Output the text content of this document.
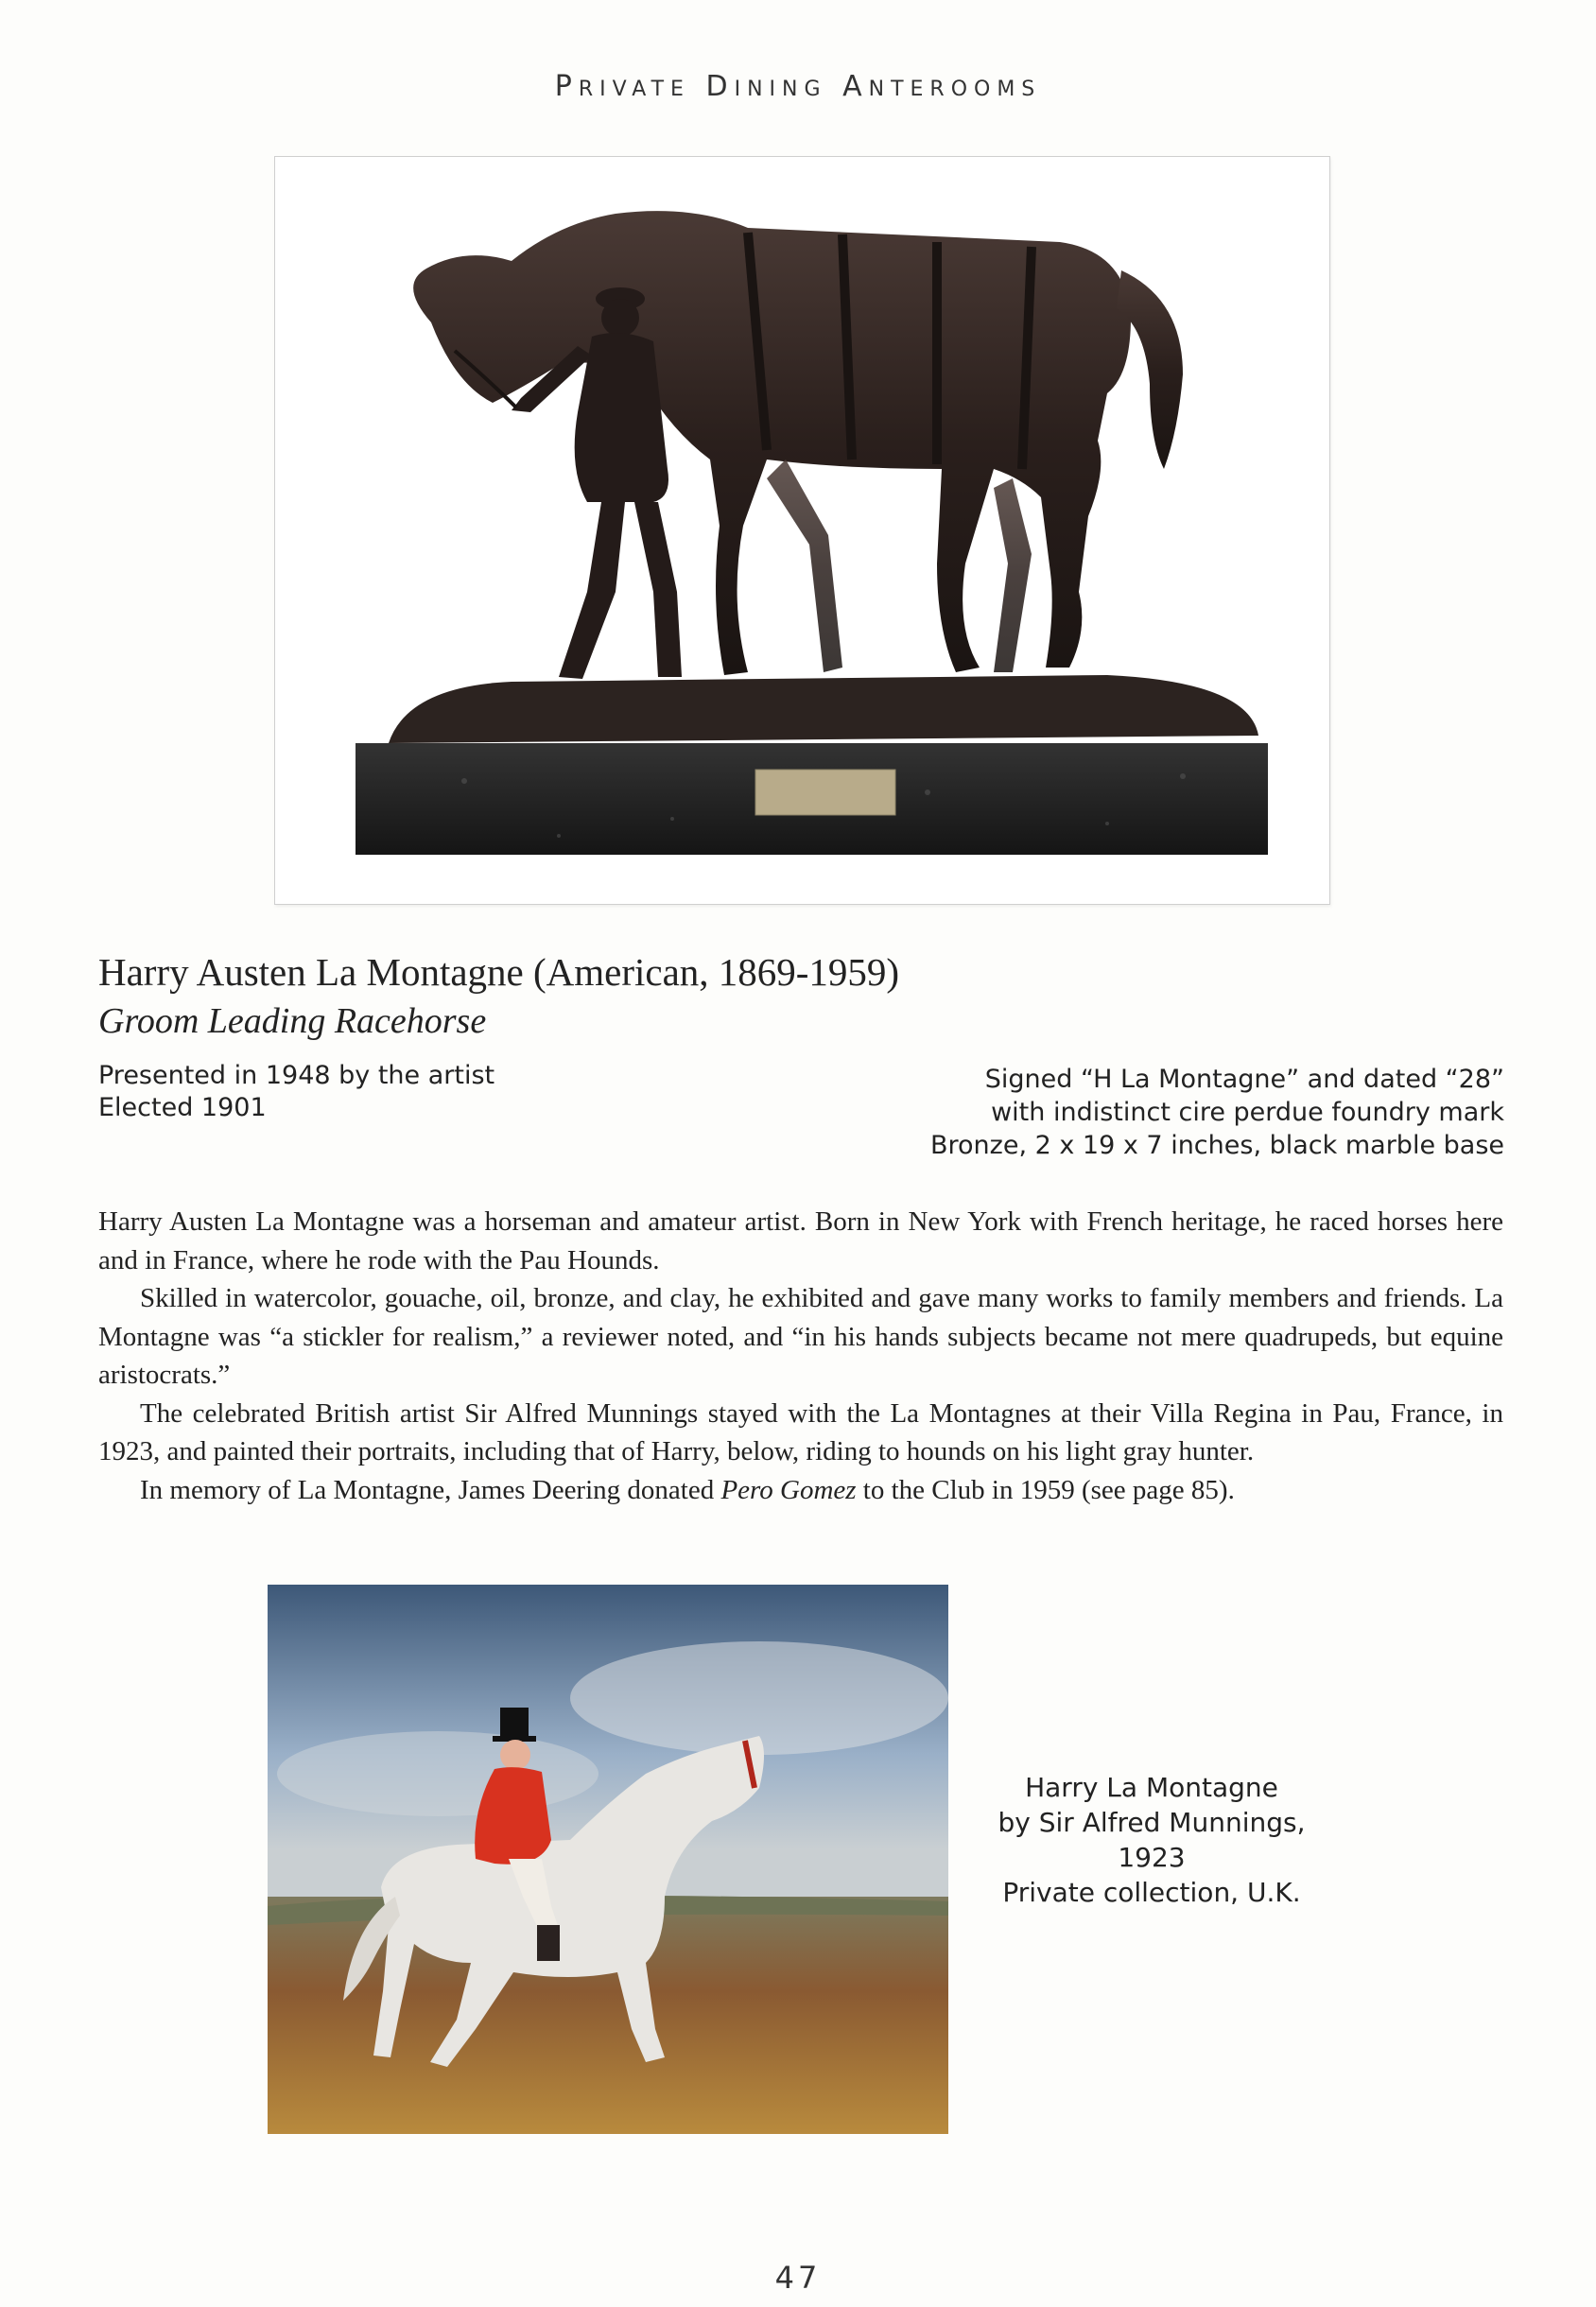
PRIVATE DINING ANTEROOMS
Harry Austen La Montagne (American, 1869-1959)
Groom Leading Racehorse
Presented in 1948 by the artist
Elected 1901
Signed “H La Montagne” and dated “28”
with indistinct cire perdue foundry mark
Bronze, 2 x 19 x 7 inches, black marble base

Harry Austen La Montagne was a horseman and amateur artist. Born in New York with French heritage, he raced horses here and in France, where he rode with the Pau Hounds.

Skilled in watercolor, gouache, oil, bronze, and clay, he exhibited and gave many works to family members and friends. La Montagne was “a stickler for realism,” a reviewer noted, and “in his hands subjects became not mere quadrupeds, but equine aristocrats.”

The celebrated British artist Sir Alfred Munnings stayed with the La Montagnes at their Villa Regina in Pau, France, in 1923, and painted their portraits, including that of Harry, below, riding to hounds on his light gray hunter.

In memory of La Montagne, James Deering donated Pero Gomez to the Club in 1959 (see page 85).

Harry La Montagne
by Sir Alfred Munnings,
1923
Private collection, U.K.
47
